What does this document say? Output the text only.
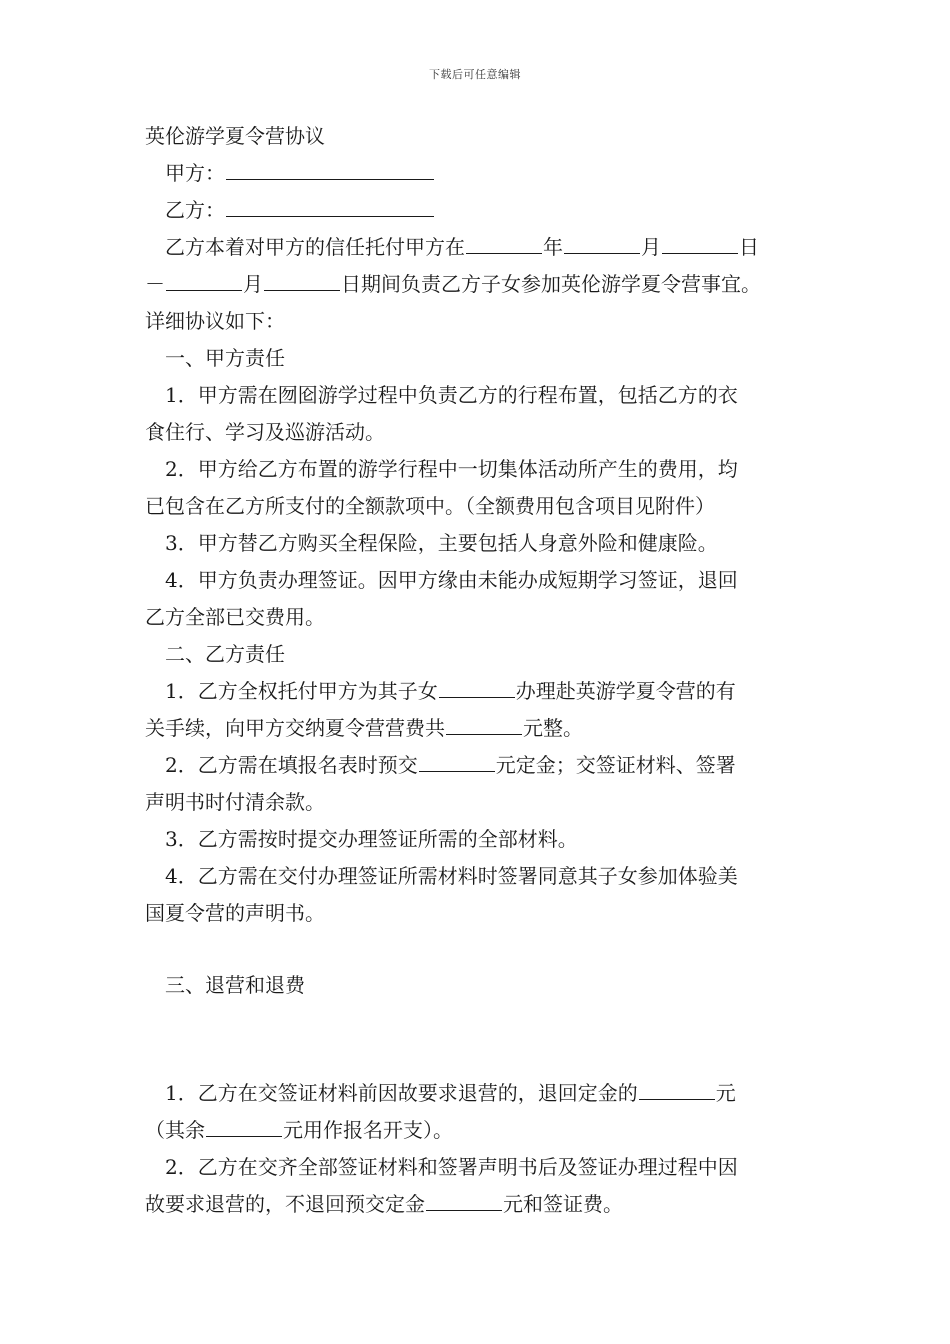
下载后可任意编辑
英伦游学夏令营协议
甲方：
乙方：
乙方本着对甲方的信任托付甲方在	年	月	日
－	月	日期间负责乙方子女参加英伦游学夏令营事宜。
详细协议如下：
一、甲方责任
1．甲方需在囫囵游学过程中负责乙方的行程布置，包括乙方的衣
食住行、学习及巡游活动。
2．甲方给乙方布置的游学行程中一切集体活动所产生的费用，均
已包含在乙方所支付的全额款项中。（全额费用包含项目见附件）
3．甲方替乙方购买全程保险，主要包括人身意外险和健康险。
4．甲方负责办理签证。因甲方缘由未能办成短期学习签证，退回
乙方全部已交费用。
二、乙方责任
1．乙方全权托付甲方为其子女	办理赴英游学夏令营的有
关手续，向甲方交纳夏令营营费共	元整。
2．乙方需在填报名表时预交	元定金；交签证材料、签署
声明书时付清余款。
3．乙方需按时提交办理签证所需的全部材料。
4．乙方需在交付办理签证所需材料时签署同意其子女参加体验美
国夏令营的声明书。
三、退营和退费
1．乙方在交签证材料前因故要求退营的，退回定金的	元
（其余	元用作报名开支）。
2．乙方在交齐全部签证材料和签署声明书后及签证办理过程中因
故要求退营的，不退回预交定金	元和签证费。
